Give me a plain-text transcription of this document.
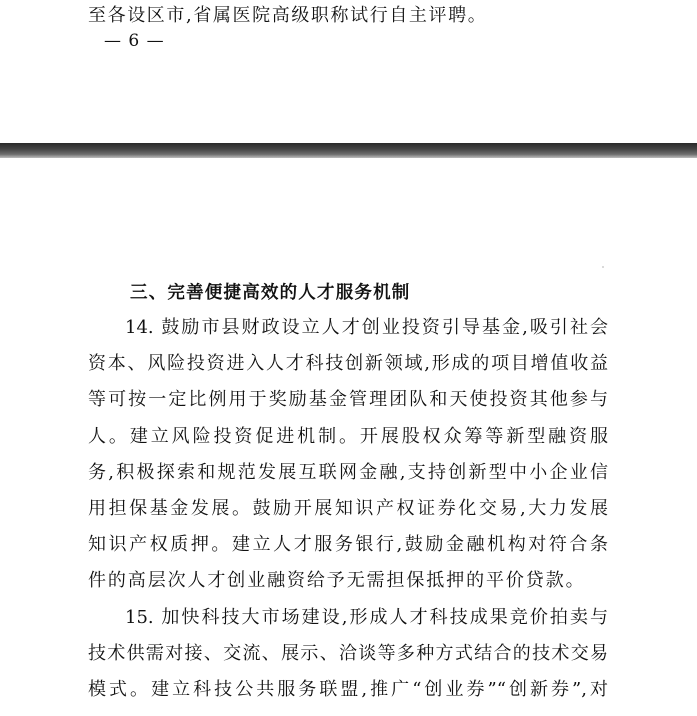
至各设区市,省属医院高级职称试行自主评聘。
— 6 —
三、完善便捷高效的人才服务机制
14. 鼓励市县财政设立人才创业投资引导基金,吸引社会
资本、风险投资进入人才科技创新领域,形成的项目增值收益
等可按一定比例用于奖励基金管理团队和天使投资其他参与
人。建立风险投资促进机制。开展股权众筹等新型融资服
务,积极探索和规范发展互联网金融,支持创新型中小企业信
用担保基金发展。鼓励开展知识产权证券化交易,大力发展
知识产权质押。建立人才服务银行,鼓励金融机构对符合条
件的高层次人才创业融资给予无需担保抵押的平价贷款。
15. 加快科技大市场建设,形成人才科技成果竞价拍卖与
技术供需对接、交流、展示、洽谈等多种方式结合的技术交易
模式。建立科技公共服务联盟,推广“创业券”“创新券”,对
